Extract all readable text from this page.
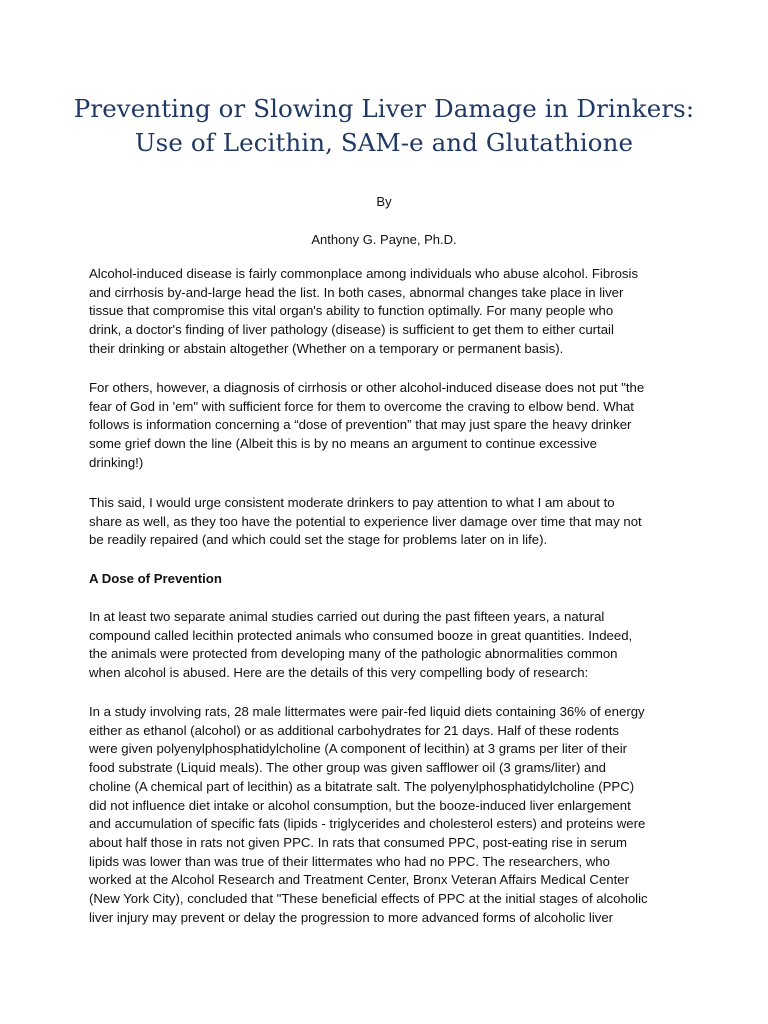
Preventing or Slowing Liver Damage in Drinkers:
Use of Lecithin, SAM-e and Glutathione

By

Anthony G. Payne, Ph.D.

Alcohol-induced disease is fairly commonplace among individuals who abuse alcohol. Fibrosis
and cirrhosis by-and-large head the list. In both cases, abnormal changes take place in liver
tissue that compromise this vital organ's ability to function optimally. For many people who
drink, a doctor's finding of liver pathology (disease) is sufficient to get them to either curtail
their drinking or abstain altogether (Whether on a temporary or permanent basis).
For others, however, a diagnosis of cirrhosis or other alcohol-induced disease does not put "the
fear of God in 'em" with sufficient force for them to overcome the craving to elbow bend. What
follows is information concerning a “dose of prevention” that may just spare the heavy drinker
some grief down the line (Albeit this is by no means an argument to continue excessive
drinking!)
This said, I would urge consistent moderate drinkers to pay attention to what I am about to
share as well, as they too have the potential to experience liver damage over time that may not
be readily repaired (and which could set the stage for problems later on in life).
A Dose of Prevention
In at least two separate animal studies carried out during the past fifteen years, a natural
compound called lecithin protected animals who consumed booze in great quantities. Indeed,
the animals were protected from developing many of the pathologic abnormalities common
when alcohol is abused. Here are the details of this very compelling body of research:
In a study involving rats, 28 male littermates were pair-fed liquid diets containing 36% of energy
either as ethanol (alcohol) or as additional carbohydrates for 21 days. Half of these rodents
were given polyenylphosphatidylcholine (A component of lecithin) at 3 grams per liter of their
food substrate (Liquid meals). The other group was given safflower oil (3 grams/liter) and
choline (A chemical part of lecithin) as a bitatrate salt. The polyenylphosphatidylcholine (PPC)
did not influence diet intake or alcohol consumption, but the booze-induced liver enlargement
and accumulation of specific fats (lipids - triglycerides and cholesterol esters) and proteins were
about half those in rats not given PPC. In rats that consumed PPC, post-eating rise in serum
lipids was lower than was true of their littermates who had no PPC. The researchers, who
worked at the Alcohol Research and Treatment Center, Bronx Veteran Affairs Medical Center
(New York City), concluded that "These beneficial effects of PPC at the initial stages of alcoholic
liver injury may prevent or delay the progression to more advanced forms of alcoholic liver
